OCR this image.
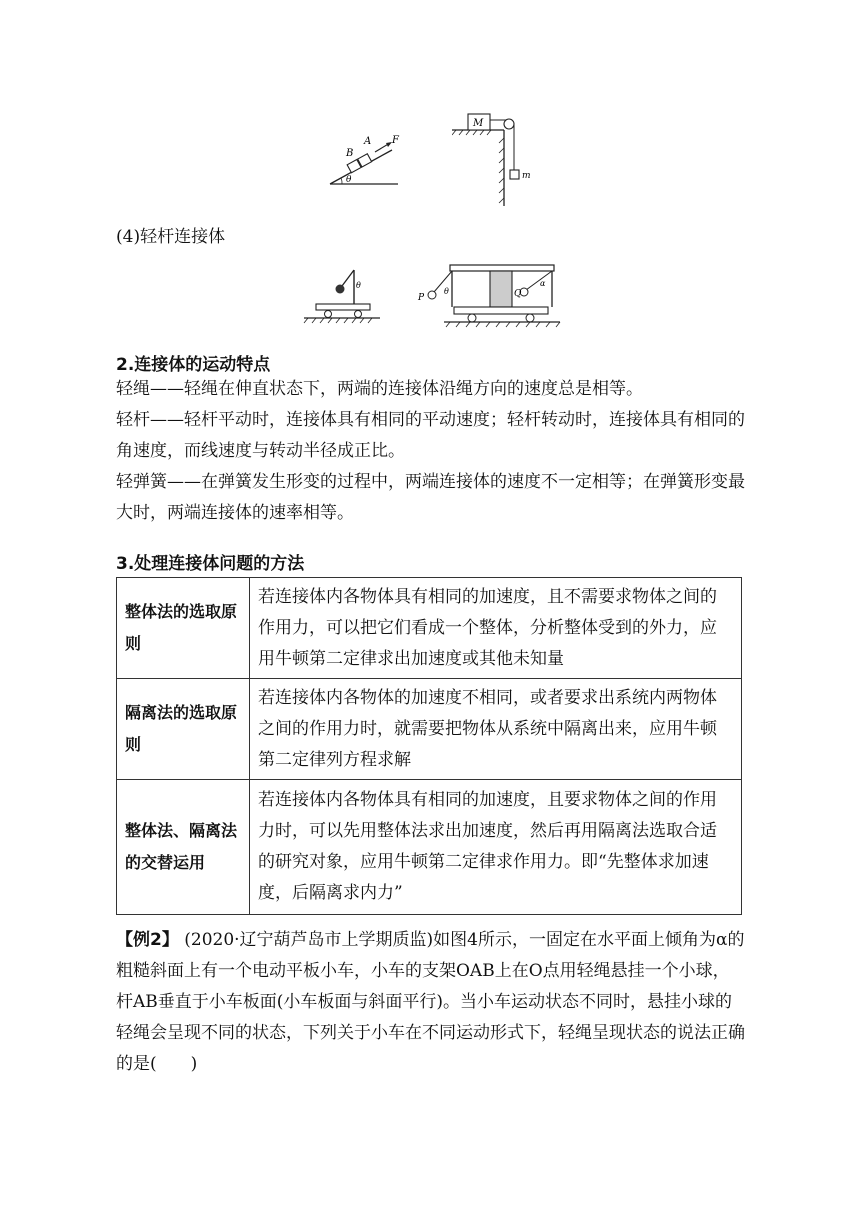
B
A F
θ
M
m
(4)轻杆连接体
θ
θ
P	Q
α
2.连接体的运动特点
轻绳——轻绳在伸直状态下，两端的连接体沿绳方向的速度总是相等。
轻杆——轻杆平动时，连接体具有相同的平动速度；轻杆转动时，连接体具有相同的角速度，而线速度与转动半径成正比。
轻弹簧——在弹簧发生形变的过程中，两端连接体的速度不一定相等；在弹簧形变最大时，两端连接体的速率相等。
3.处理连接体问题的方法
整体法的选取原则	若连接体内各物体具有相同的加速度，且不需要求物体之间的作用力，可以把它们看成一个整体，分析整体受到的外力，应用牛顿第二定律求出加速度或其他未知量
隔离法的选取原则	若连接体内各物体的加速度不相同，或者要求出系统内两物体之间的作用力时，就需要把物体从系统中隔离出来，应用牛顿第二定律列方程求解
整体法、隔离法的交替运用	若连接体内各物体具有相同的加速度，且要求物体之间的作用力时，可以先用整体法求出加速度，然后再用隔离法选取合适的研究对象，应用牛顿第二定律求作用力。即“先整体求加速度，后隔离求内力”
【例2】 (2020·辽宁葫芦岛市上学期质监)如图4所示，一固定在水平面上倾角为α的粗糙斜面上有一个电动平板小车，小车的支架OAB上在O点用轻绳悬挂一个小球，杆AB垂直于小车板面(小车板面与斜面平行)。当小车运动状态不同时，悬挂小球的轻绳会呈现不同的状态，下列关于小车在不同运动形式下，轻绳呈现状态的说法正确的是(　　)
